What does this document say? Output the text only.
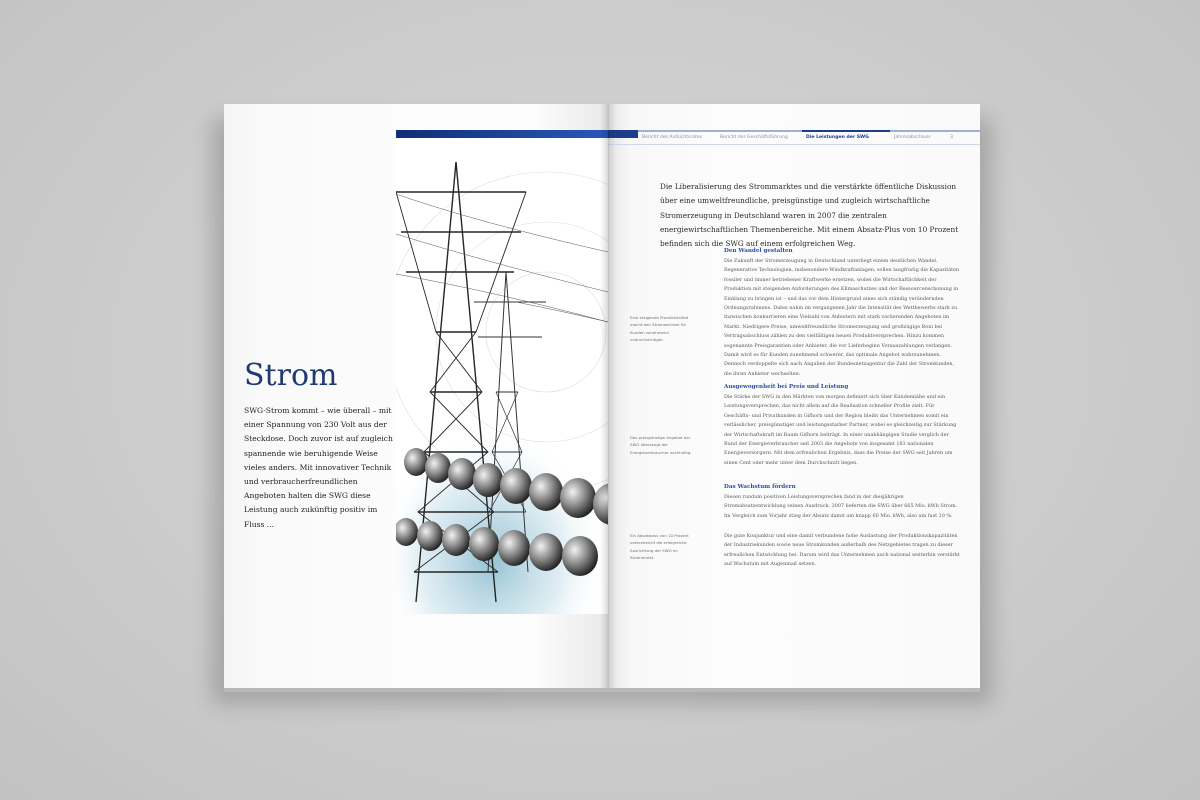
Strom

SWG-Strom kommt – wie überall – mit einer Spannung von 230 Volt aus der Steckdose. Doch zuvor ist auf zugleich spannende wie beruhigende Weise vieles anders. Mit innovativer Technik und verbraucherfreundlichen Angeboten halten die SWG diese Leistung auch zukünftig positiv im Fluss ...

Bericht des Aufsichtsrates	Bericht der Geschäftsführung	Die Leistungen der SWG	Jahresabschluss	3

Die Liberalisierung des Strommarktes und die verstärkte öffentliche Diskussion über eine umweltfreundliche, preisgünstige und zugleich wirtschaftliche Stromerzeugung in Deutschland waren in 2007 die zentralen energiewirtschaftlichen Themenbereiche. Mit einem Absatz-Plus von 10 Prozent befinden sich die SWG auf einem erfolgreichen Weg.

Den Wandel gestalten

Die Zukunft der Stromerzeugung in Deutschland unterliegt einem deutlichen Wandel. Regenerative Technologien, insbesondere Windkraftanlagen, sollen langfristig die Kapazitäten fossiler und immer betriebener Kraftwerke ersetzen, wobei die Wirtschaftlichkeit der Produktion mit steigenden Anforderungen des Klimaschutzes und der Ressourcenschonung in Einklang zu bringen ist – und das vor dem Hintergrund eines sich ständig verändernden Ordnungsrahmens. Dabei nahm im vergangenen Jahr die Intensität des Wettbewerbs stark zu. Inzwischen konkurrieren eine Vielzahl von Anbietern mit stark variierenden Angeboten im Markt. Niedrigere Preise, umweltfreundliche Stromerzeugung und großzügige Boni bei Vertragsabschluss zählen zu den vielfältigen neuen Produktversprechen. Hinzu kommen sogenannte Preisgarantien oder Anbieter, die vor Lieferbeginn Vorauszahlungen verlangen. Damit wird es für Kunden zunehmend schwerer, das optimale Angebot wahrzunehmen. Dennoch verdoppelte sich nach Angaben der Bundesnetzagentur die Zahl der Stromkunden, die ihren Anbieter wechselten.

Ausgewogenheit bei Preis und Leistung

Die Stärke der SWG in den Märkten von morgen definiert sich über Kundennähe und ein Leistungsversprechen, das nicht allein auf die Realisation schneller Profite zielt. Für Geschäfts- und Privatkunden in Gifhorn und der Region bleibt das Unternehmen somit ein verlässlicher, preisgünstiger und leistungsstarker Partner, wobei es gleichzeitig zur Stärkung der Wirtschaftskraft im Raum Gifhorn beiträgt. In einer unabhängigen Studie verglich der Bund der Energieverbraucher seit 2003 die Angebote von insgesamt 183 nationalen Energieversorgern. Mit dem erfreulichen Ergebnis, dass die Preise der SWG seit Jahren um einen Cent oder mehr unter dem Durchschnitt liegen.

Das Wachstum fördern

Diesen rundum positiven Leistungsversprechen fand in der diesjährigen Stromabsatzentwicklung seinen Ausdruck. 2007 lieferten die SWG über 665 Mio. kWh Strom. Im Vergleich zum Vorjahr stieg der Absatz damit um knapp 60 Mio. kWh, also um fast 10 %.

Die gute Konjunktur und eine damit verbundene hohe Auslastung der Produktionskapazitäten der Industriekunden sowie neue Stromkunden außerhalb des Netzgebietes tragen zu dieser erfreulichen Entwicklung bei. Darum wird das Unternehmen auch national weiterhin verstärkt auf Wachstum mit Augenmaß setzen.

Eine steigende Produktvielfalt macht den Stromwechsel für Kunden zunehmend undurchsichtiger.

Das preisgünstige Angebot der SWG überzeugt die Energieverbraucher nachhaltig.

Ein Absatzplus von 10 Prozent unterstreicht die erfolgreiche Ausrichtung der SWG im Strommarkt.
